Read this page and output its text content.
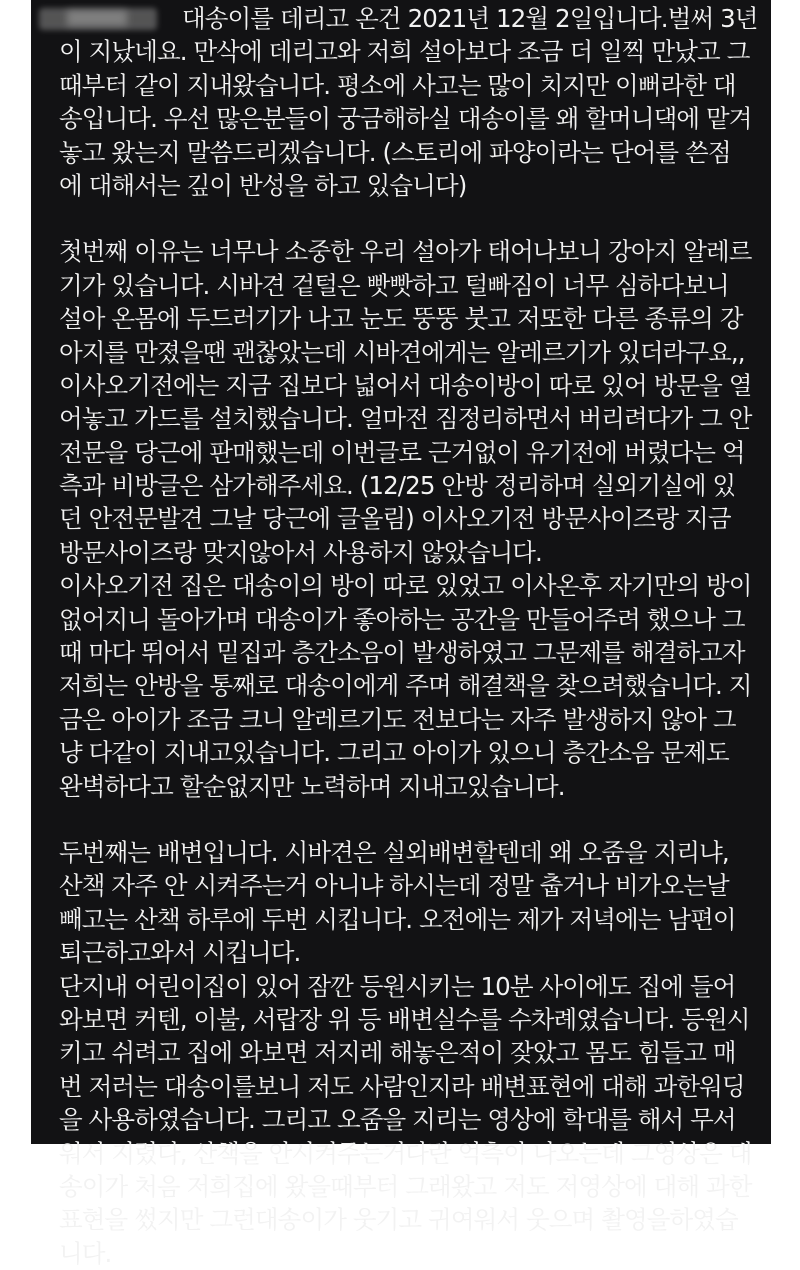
대송이를 데리고 온건 2021년 12월 2일입니다.벌써 3년
이 지났네요. 만삭에 데리고와 저희 설아보다 조금 더 일찍 만났고 그
때부터 같이 지내왔습니다. 평소에 사고는 많이 치지만 이뻐라한 대
송입니다. 우선 많은분들이 궁금해하실 대송이를 왜 할머니댁에 맡겨
놓고 왔는지 말씀드리겠습니다. (스토리에 파양이라는 단어를 쓴점
에 대해서는 깊이 반성을 하고 있습니다)
첫번째 이유는 너무나 소중한 우리 설아가 태어나보니 강아지 알레르
기가 있습니다. 시바견 겉털은 빳빳하고 털빠짐이 너무 심하다보니
설아 온몸에 두드러기가 나고 눈도 뚱뚱 붓고 저또한 다른 종류의 강
아지를 만졌을땐 괜찮았는데 시바견에게는 알레르기가 있더라구요,,
이사오기전에는 지금 집보다 넓어서 대송이방이 따로 있어 방문을 열
어놓고 가드를 설치했습니다. 얼마전 짐정리하면서 버리려다가 그 안
전문을 당근에 판매했는데 이번글로 근거없이 유기전에 버렸다는 억
측과 비방글은 삼가해주세요. (12/25 안방 정리하며 실외기실에 있
던 안전문발견 그날 당근에 글올림) 이사오기전 방문사이즈랑 지금
방문사이즈랑 맞지않아서 사용하지 않았습니다.
이사오기전 집은 대송이의 방이 따로 있었고 이사온후 자기만의 방이
없어지니 돌아가며 대송이가 좋아하는 공간을 만들어주려 했으나 그
때 마다 뛰어서 밑집과 층간소음이 발생하였고 그문제를 해결하고자
저희는 안방을 통째로 대송이에게 주며 해결책을 찾으려했습니다. 지
금은 아이가 조금 크니 알레르기도 전보다는 자주 발생하지 않아 그
냥 다같이 지내고있습니다. 그리고 아이가 있으니 층간소음 문제도
완벽하다고 할순없지만 노력하며 지내고있습니다.
두번째는 배변입니다. 시바견은 실외배변할텐데 왜 오줌을 지리냐,
산책 자주 안 시켜주는거 아니냐 하시는데 정말 춥거나 비가오는날
빼고는 산책 하루에 두번 시킵니다. 오전에는 제가 저녁에는 남편이
퇴근하고와서 시킵니다.
단지내 어린이집이 있어 잠깐 등원시키는 10분 사이에도 집에 들어
와보면 커텐, 이불, 서랍장 위 등 배변실수를 수차례였습니다. 등원시
키고 쉬려고 집에 와보면 저지레 해놓은적이 잦았고 몸도 힘들고 매
번 저러는 대송이를보니 저도 사람인지라 배변표현에 대해 과한워딩
을 사용하였습니다. 그리고 오줌을 지리는 영상에 학대를 해서 무서
워서 지렸다, 산책을 안시켜주는거다란 억측이 나오는데 그영상은 대
송이가 처음 저희집에 왔을때부터 그래왔고 저도 저영상에 대해 과한
표현을 썼지만 그런대송이가 웃기고 귀여워서 웃으며 촬영을하였습
니다.
